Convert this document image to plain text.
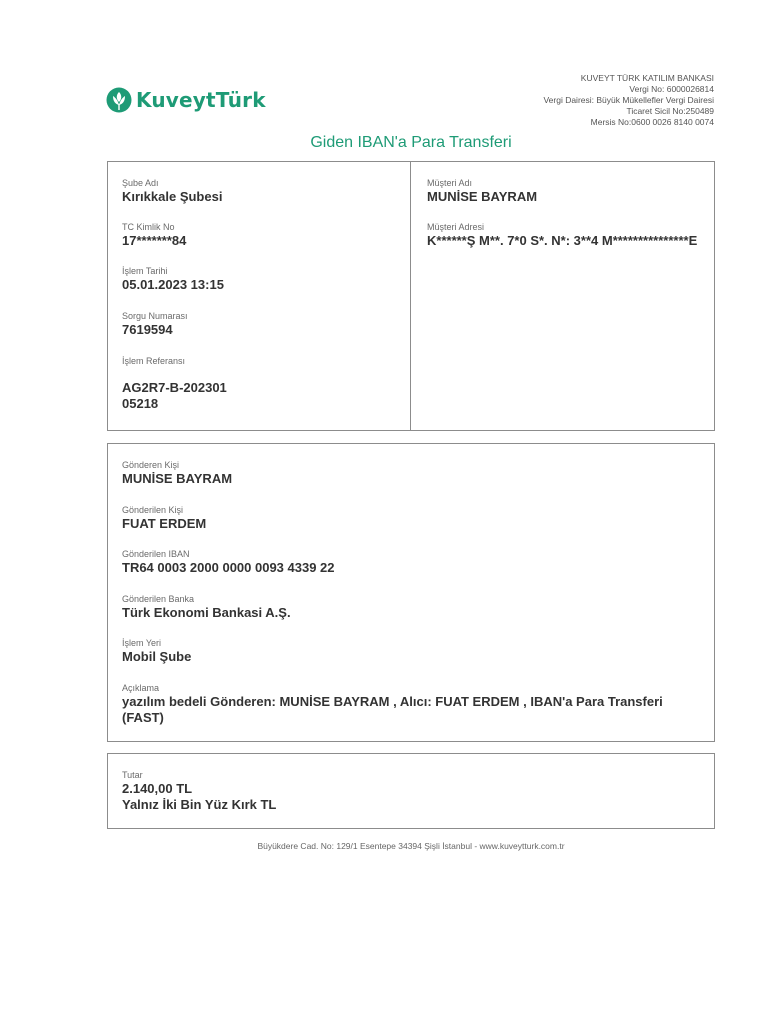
KuveytTürk
KUVEYT TÜRK KATILIM BANKASI
Vergi No: 6000026814
Vergi Dairesi: Büyük Mükellefler Vergi Dairesi
Ticaret Sicil No:250489
Mersis No:0600 0026 8140 0074
Giden IBAN'a Para Transferi
Şube Adı
Kırıkkale Şubesi
TC Kimlik No
17*******84
İşlem Tarihi
05.01.2023 13:15
Sorgu Numarası
7619594
İşlem Referansı
AG2R7-B-202301
05218
Müşteri Adı
MUNİSE BAYRAM
Müşteri Adresi
K******Ş M**. 7*0 S*. N*: 3**4 M***************E
Gönderen Kişi
MUNİSE BAYRAM
Gönderilen Kişi
FUAT ERDEM
Gönderilen IBAN
TR64 0003 2000 0000 0093 4339 22
Gönderilen Banka
Türk Ekonomi Bankasi A.Ş.
İşlem Yeri
Mobil Şube
Açıklama
yazılım bedeli Gönderen: MUNİSE BAYRAM , Alıcı: FUAT ERDEM , IBAN'a Para Transferi
(FAST)
Tutar
2.140,00 TL
Yalnız İki Bin Yüz Kırk TL
Büyükdere Cad. No: 129/1 Esentepe 34394 Şişli İstanbul - www.kuveytturk.com.tr
